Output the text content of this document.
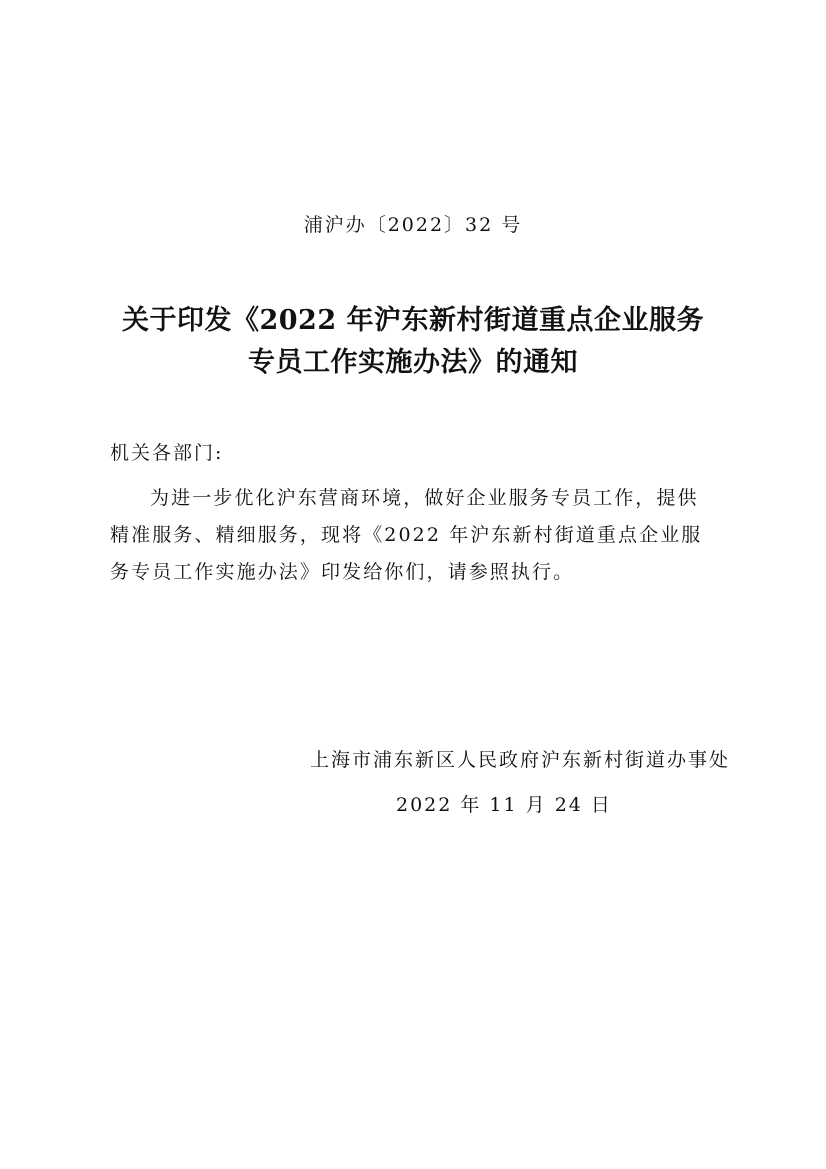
浦沪办〔2022〕32 号
关于印发《2022 年沪东新村街道重点企业服务
专员工作实施办法》的通知
机关各部门:
为进一步优化沪东营商环境，做好企业服务专员工作，提供
精准服务、精细服务，现将《2022 年沪东新村街道重点企业服
务专员工作实施办法》印发给你们，请参照执行。
上海市浦东新区人民政府沪东新村街道办事处
2022 年 11 月 24 日
